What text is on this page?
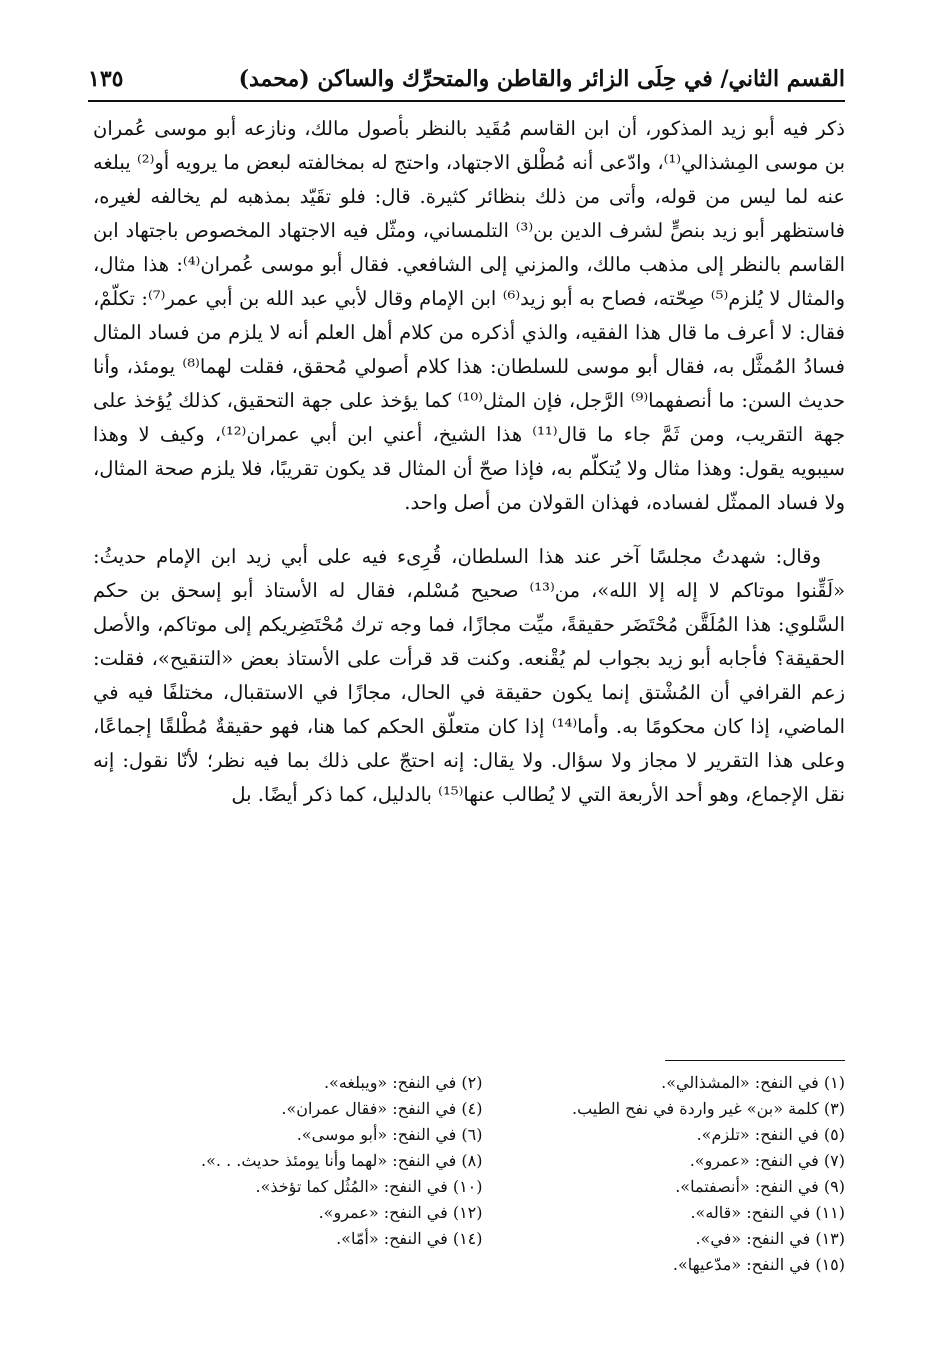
القسم الثاني/ في حِلَى الزائر والقاطن والمتحرِّك والساكن (محمد)
١٣٥

ذكر فيه أبو زيد المذكور، أن ابن القاسم مُقَيد بالنظر بأصول مالك، ونازعه أبو موسى عُمران بن موسى المِشذالي⁽¹⁾، وادّعى أنه مُطْلق الاجتهاد، واحتج له بمخالفته لبعض ما يرويه أو⁽²⁾ يبلغه عنه لما ليس من قوله، وأتى من ذلك بنظائر كثيرة. قال: فلو تقَيّد بمذهبه لم يخالفه لغيره، فاستظهر أبو زيد بنصٍّ لشرف الدين بن⁽³⁾ التلمساني، ومثّل فيه الاجتهاد المخصوص باجتهاد ابن القاسم بالنظر إلى مذهب مالك، والمزني إلى الشافعي. فقال أبو موسى عُمران⁽⁴⁾: هذا مثال، والمثال لا يُلزم⁽⁵⁾ صِحّته، فصاح به أبو زيد⁽⁶⁾ ابن الإمام وقال لأبي عبد الله بن أبي عمر⁽⁷⁾: تكلّمْ، فقال: لا أعرف ما قال هذا الفقيه، والذي أذكره من كلام أهل العلم أنه لا يلزم من فساد المثال فسادُ المُمثَّل به، فقال أبو موسى للسلطان: هذا كلام أصولي مُحقق، فقلت لهما⁽⁸⁾ يومئذ، وأنا حديث السن: ما أنصفهما⁽⁹⁾ الرَّجل، فإن المثل⁽¹⁰⁾ كما يؤخذ على جهة التحقيق، كذلك يُؤخذ على جهة التقريب، ومن ثَمَّ جاء ما قال⁽¹¹⁾ هذا الشيخ، أعني ابن أبي عمران⁽¹²⁾، وكيف لا وهذا سيبويه يقول: وهذا مثال ولا يُتكلّم به، فإذا صحّ أن المثال قد يكون تقريبًا، فلا يلزم صحة المثال، ولا فساد الممثّل لفساده، فهذان القولان من أصل واحد.

وقال: شهدتُ مجلسًا آخر عند هذا السلطان، قُرِىء فيه على أبي زيد ابن الإمام حديثُ: «لَقِّنوا موتاكم لا إله إلا الله»، من⁽¹³⁾ صحيح مُسْلم، فقال له الأستاذ أبو إسحق بن حكم السَّلوي: هذا المُلَقَّن مُحْتَضَر حقيقةً، ميِّت مجازًا، فما وجه ترك مُحْتَضِريكم إلى موتاكم، والأصل الحقيقة؟ فأجابه أبو زيد بجواب لم يُقْنعه. وكنت قد قرأت على الأستاذ بعض «التنقيح»، فقلت: زعم القرافي أن المُشْتق إنما يكون حقيقة في الحال، مجازًا في الاستقبال، مختلفًا فيه في الماضي، إذا كان محكومًا به. وأما⁽¹⁴⁾ إذا كان متعلّق الحكم كما هنا، فهو حقيقةٌ مُطْلقًا إجماعًا، وعلى هذا التقرير لا مجاز ولا سؤال. ولا يقال: إنه احتجّ على ذلك بما فيه نظر؛ لأنّا نقول: إنه نقل الإجماع، وهو أحد الأربعة التي لا يُطالب عنها⁽¹⁵⁾ بالدليل، كما ذكر أيضًا. بل

(١) في النفح: «المشذالي».
(٢) في النفح: «ويبلغه».
(٣) كلمة «بن» غير واردة في نفح الطيب.
(٤) في النفح: «فقال عمران».
(٥) في النفح: «تلزم».
(٦) في النفح: «أبو موسى».
(٧) في النفح: «عمرو».
(٨) في النفح: «لهما وأنا يومئذ حديث. . .».
(٩) في النفح: «أنصفتما».
(١٠) في النفح: «المُثُل كما تؤخذ».
(١١) في النفح: «قاله».
(١٢) في النفح: «عمرو».
(١٣) في النفح: «في».
(١٤) في النفح: «أمّا».
(١٥) في النفح: «مدّعيها».
